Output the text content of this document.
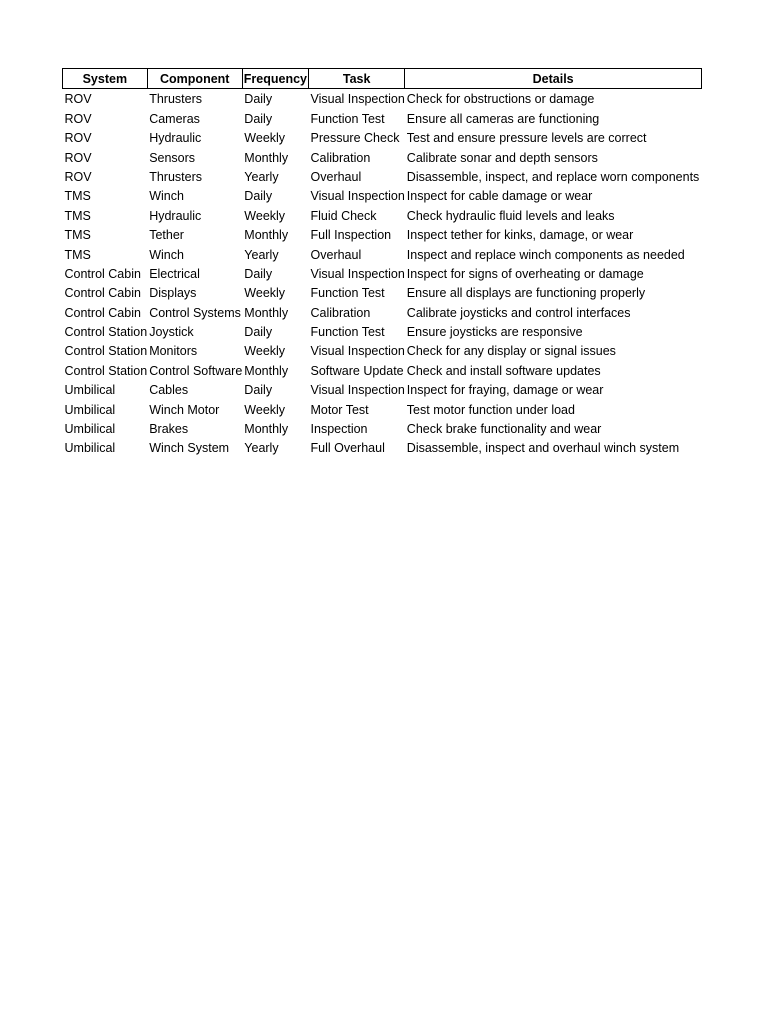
System	Component	Frequency	Task	Details
ROV	Thrusters	Daily	Visual Inspection	Check for obstructions or damage
ROV	Cameras	Daily	Function Test	Ensure all cameras are functioning
ROV	Hydraulic	Weekly	Pressure Check	Test and ensure pressure levels are correct
ROV	Sensors	Monthly	Calibration	Calibrate sonar and depth sensors
ROV	Thrusters	Yearly	Overhaul	Disassemble, inspect, and replace worn components
TMS	Winch	Daily	Visual Inspection	Inspect for cable damage or wear
TMS	Hydraulic	Weekly	Fluid Check	Check hydraulic fluid levels and leaks
TMS	Tether	Monthly	Full Inspection	Inspect tether for kinks, damage, or wear
TMS	Winch	Yearly	Overhaul	Inspect and replace winch components as needed
Control Cabin	Electrical	Daily	Visual Inspection	Inspect for signs of overheating or damage
Control Cabin	Displays	Weekly	Function Test	Ensure all displays are functioning properly
Control Cabin	Control Systems	Monthly	Calibration	Calibrate joysticks and control interfaces
Control Station	Joystick	Daily	Function Test	Ensure joysticks are responsive
Control Station	Monitors	Weekly	Visual Inspection	Check for any display or signal issues
Control Station	Control Software	Monthly	Software Update	Check and install software updates
Umbilical	Cables	Daily	Visual Inspection	Inspect for fraying, damage or wear
Umbilical	Winch Motor	Weekly	Motor Test	Test motor function under load
Umbilical	Brakes	Monthly	Inspection	Check brake functionality and wear
Umbilical	Winch System	Yearly	Full Overhaul	Disassemble, inspect and overhaul winch system
